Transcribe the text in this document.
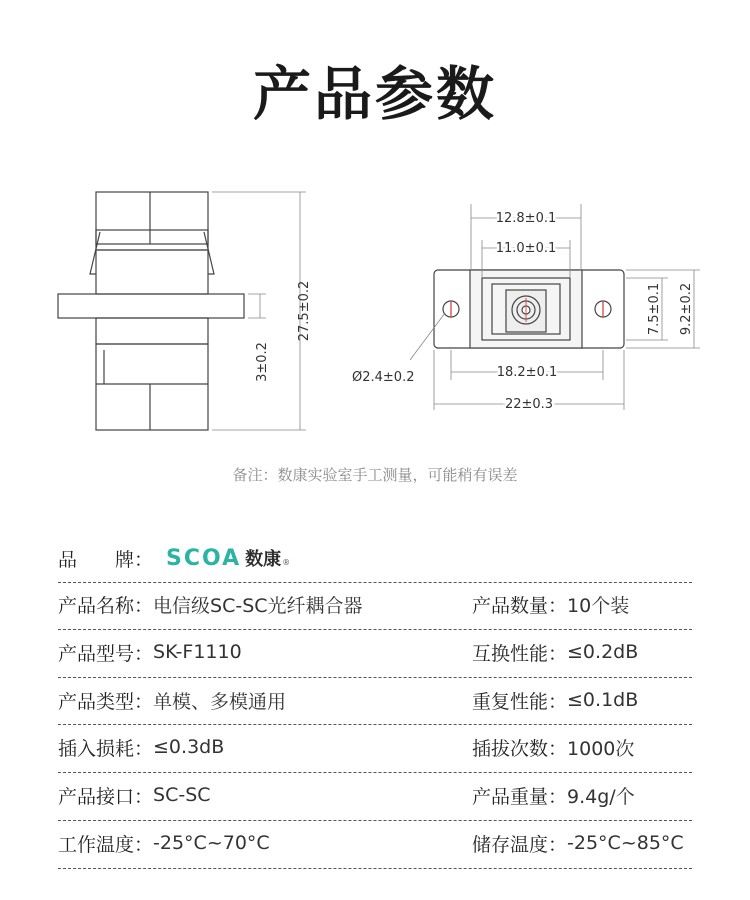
产品参数
27.5±0.2
3±0.2
12.8±0.1
11.0±0.1
7.5±0.1 9.2±0.2
Ø2.4±0.2	18.2±0.1
22±0.3
备注：数康实验室手工测量，可能稍有误差
品　　牌： SCOA 数康 ®
产品名称： 电信级SC-SC光纤耦合器	产品数量： 10个装
产品型号： SK-F1110	互换性能： ≤0.2dB
产品类型： 单模、多模通用	重复性能： ≤0.1dB
插入损耗： ≤0.3dB	插拔次数： 1000次
产品接口： SC-SC	产品重量： 9.4g/个
工作温度： -25°C~70°C	储存温度： -25°C~85°C
